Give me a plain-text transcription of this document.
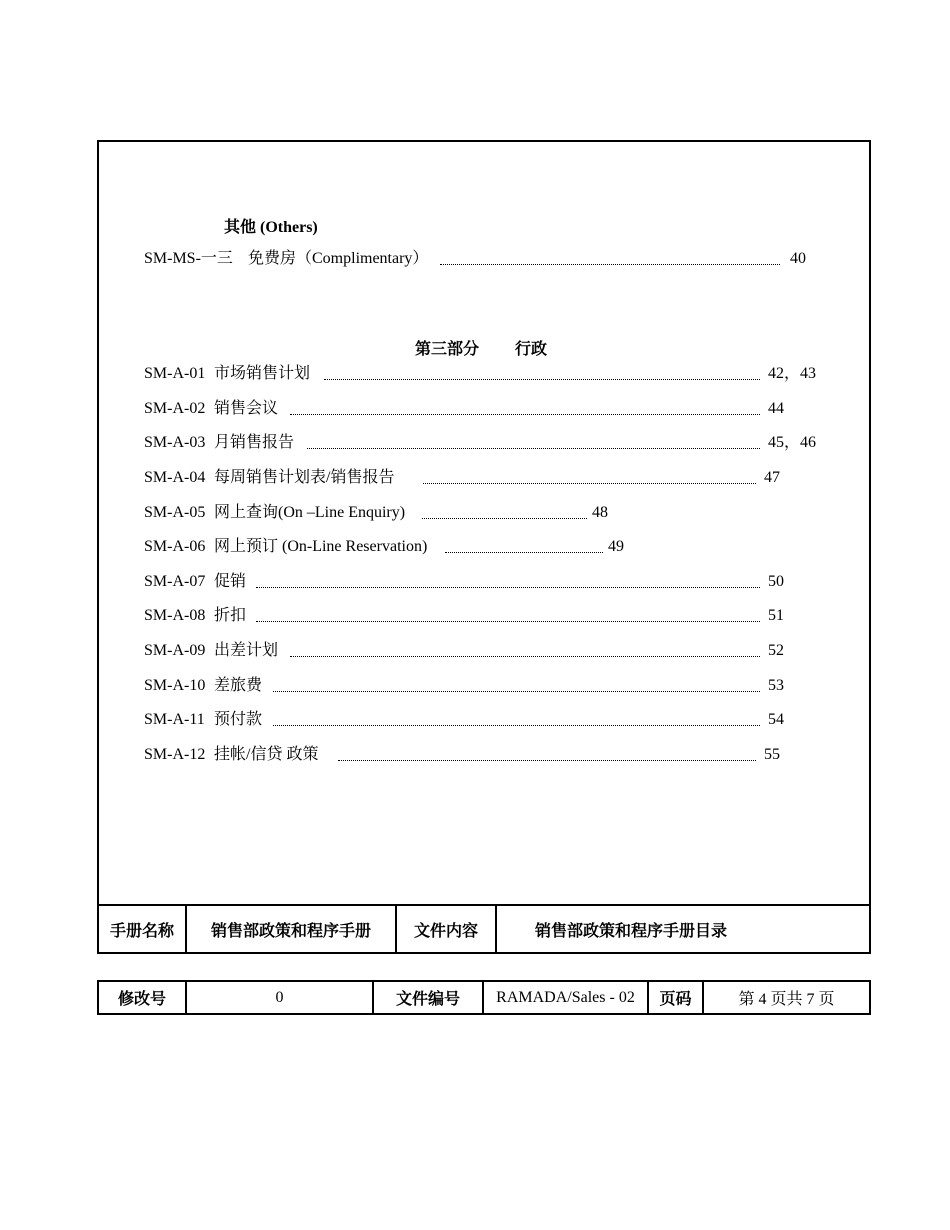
其他 (Others)
SM-MS-一三 免费房（Complimentary）	40
第三部分 行政
SM-A-01 市场销售计划	42，43
SM-A-02 销售会议	44
SM-A-03 月销售报告	45，46
SM-A-04 每周销售计划表/销售报告	47
SM-A-05 网上查询(On –Line Enquiry)	48
SM-A-06 网上预订 (On-Line Reservation)	49
SM-A-07 促销	50
SM-A-08 折扣	51
SM-A-09 出差计划	52
SM-A-10 差旅费	53
SM-A-11 预付款	54
SM-A-12 挂帐/信贷 政策	55
手册名称	销售部政策和程序手册	文件内容	销售部政策和程序手册目录
修改号	0	文件编号	RAMADA/Sales - 02	页码	第 4 页共 7 页
